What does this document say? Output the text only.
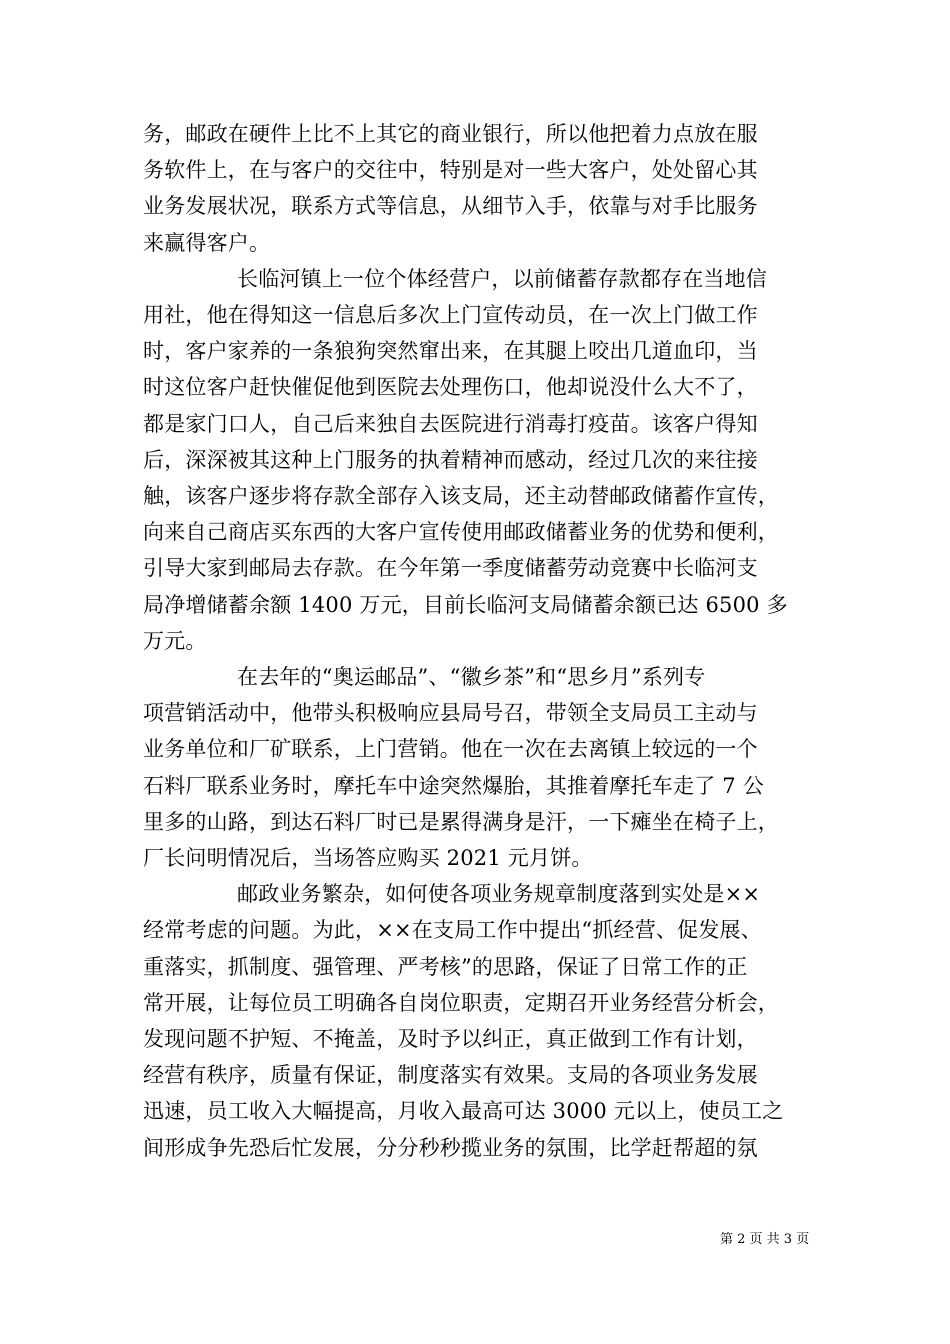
务，邮政在硬件上比不上其它的商业银行，所以他把着力点放在服
务软件上，在与客户的交往中，特别是对一些大客户，处处留心其
业务发展状况，联系方式等信息，从细节入手，依靠与对手比服务
来赢得客户。
长临河镇上一位个体经营户，以前储蓄存款都存在当地信
用社，他在得知这一信息后多次上门宣传动员，在一次上门做工作
时，客户家养的一条狼狗突然窜出来，在其腿上咬出几道血印，当
时这位客户赶快催促他到医院去处理伤口，他却说没什么大不了，
都是家门口人，自己后来独自去医院进行消毒打疫苗。该客户得知
后，深深被其这种上门服务的执着精神而感动，经过几次的来往接
触，该客户逐步将存款全部存入该支局，还主动替邮政储蓄作宣传，
向来自己商店买东西的大客户宣传使用邮政储蓄业务的优势和便利，
引导大家到邮局去存款。在今年第一季度储蓄劳动竞赛中长临河支
局净增储蓄余额 1400 万元，目前长临河支局储蓄余额已达 6500 多
万元。
在去年的“奥运邮品”、“徽乡茶”和“思乡月”系列专
项营销活动中，他带头积极响应县局号召，带领全支局员工主动与
业务单位和厂矿联系，上门营销。他在一次在去离镇上较远的一个
石料厂联系业务时，摩托车中途突然爆胎，其推着摩托车走了 7 公
里多的山路，到达石料厂时已是累得满身是汗，一下瘫坐在椅子上，
厂长问明情况后，当场答应购买 2021 元月饼。
邮政业务繁杂，如何使各项业务规章制度落到实处是××
经常考虑的问题。为此，××在支局工作中提出“抓经营、促发展、
重落实，抓制度、强管理、严考核”的思路，保证了日常工作的正
常开展，让每位员工明确各自岗位职责，定期召开业务经营分析会，
发现问题不护短、不掩盖，及时予以纠正，真正做到工作有计划，
经营有秩序，质量有保证，制度落实有效果。支局的各项业务发展
迅速，员工收入大幅提高，月收入最高可达 3000 元以上，使员工之
间形成争先恐后忙发展，分分秒秒揽业务的氛围，比学赶帮超的氛
第 2 页 共 3 页
